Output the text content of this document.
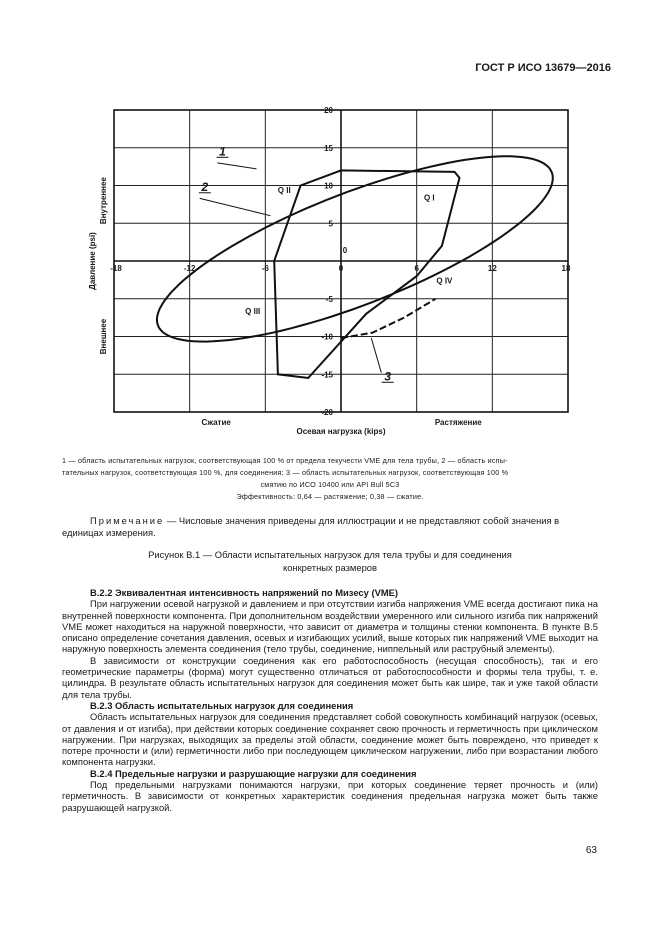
ГОСТ Р ИСО 13679—2016
-18	-12	-6	0	6	12	18
20
15
10
5
-5
-10
-15
-20
0
Q I
Q II
Q III
Q IV
1
2
3
Осевая нагрузка (kips)
Сжатие	Растяжение
Давление (psi)
Внутреннее
Внешнее
1 — область испытательных нагрузок, соответствующая 100 % от предела текучести VME для тела трубы, 2 — область испы-
тательных нагрузок, соответствующая 100 %, для соединения; 3 — область испытательных нагрузок, соответствующая 100 %
смятию по ИСО 10400 или API Bull 5C3
Эффективность: 0,64 — растяжение; 0,38 — сжатие.
Примечание — Числовые значения приведены для иллюстрации и не представляют собой значения в единицах измерения.
Рисунок B.1 — Области испытательных нагрузок для тела трубы и для соединения
конкретных размеров
B.2.2 Эквивалентная интенсивность напряжений по Мизесу (VME)

При нагружении осевой нагрузкой и давлением и при отсутствии изгиба напряжения VME всегда достигают пика на внутренней поверхности компонента. При дополнительном воздействии умеренного или сильного изгиба пик напряжений VME может находиться на наружной поверхности, что зависит от диаметра и толщины стенки компонента. В пункте B.5 описано определение сочетания давления, осевых и изгибающих усилий, выше которых пик напряжений VME выходит на наружную поверхность элемента соединения (тело трубы, соединение, ниппельный или раструбный элементы).

В зависимости от конструкции соединения как его работоспособность (несущая способность), так и его геометрические параметры (форма) могут существенно отличаться от работоспособности и формы тела трубы, т. е. цилиндра. В результате область испытательных нагрузок для соединения может быть как шире, так и уже такой области для тела трубы.

B.2.3 Область испытательных нагрузок для соединения

Область испытательных нагрузок для соединения представляет собой совокупность комбинаций нагрузок (осевых, от давления и от изгиба), при действии которых соединение сохраняет свою прочность и герметичность при циклическом нагружении. При нагрузках, выходящих за пределы этой области, соединение может быть повреждено, что приведет к потере прочности и (или) герметичности либо при последующем циклическом нагружении, либо при возрастании любого компонента нагрузки.

B.2.4 Предельные нагрузки и разрушающие нагрузки для соединения

Под предельными нагрузками понимаются нагрузки, при которых соединение теряет прочность и (или) герметичность. В зависимости от конкретных характеристик соединения предельная нагрузка может быть также разрушающей нагрузкой.

63
